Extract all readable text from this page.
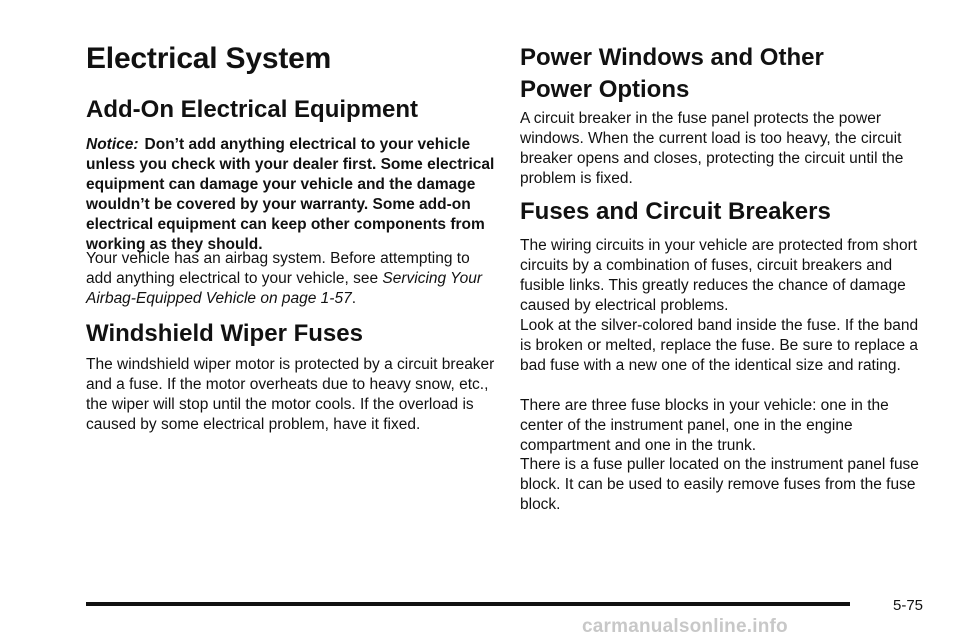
Electrical System
Add-On Electrical Equipment

Notice: Don’t add anything electrical to your vehicle unless you check with your dealer first. Some electrical equipment can damage your vehicle and the damage wouldn’t be covered by your warranty. Some add-on electrical equipment can keep other components from working as they should.

Your vehicle has an airbag system. Before attempting to add anything electrical to your vehicle, see Servicing Your Airbag-Equipped Vehicle on page 1-57.

Windshield Wiper Fuses

The windshield wiper motor is protected by a circuit breaker and a fuse. If the motor overheats due to heavy snow, etc., the wiper will stop until the motor cools. If the overload is caused by some electrical problem, have it fixed.

Power Windows and Other
Power Options

A circuit breaker in the fuse panel protects the power windows. When the current load is too heavy, the circuit breaker opens and closes, protecting the circuit until the problem is fixed.

Fuses and Circuit Breakers

The wiring circuits in your vehicle are protected from short circuits by a combination of fuses, circuit breakers and fusible links. This greatly reduces the chance of damage caused by electrical problems.

Look at the silver-colored band inside the fuse. If the band is broken or melted, replace the fuse. Be sure to replace a bad fuse with a new one of the identical size and rating.

There are three fuse blocks in your vehicle: one in the center of the instrument panel, one in the engine compartment and one in the trunk.

There is a fuse puller located on the instrument panel fuse block. It can be used to easily remove fuses from the fuse block.

5-75
carmanualsonline.info
